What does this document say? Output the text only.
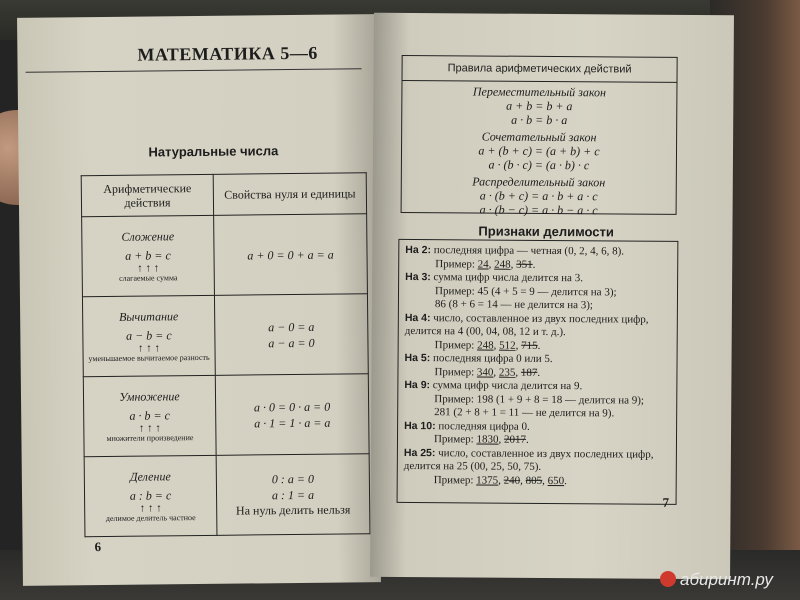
МАТЕМАТИКА 5—6
Натуральные числа
Арифметические действия	Свойства нуля и единицы

Сложение
a + b = c
↑ ↑ ↑
слагаемые сумма	a + 0 = 0 + a = a

Вычитание
a − b = c
↑ ↑ ↑
уменьшаемое вычитаемое разность	a − 0 = a
a − a = 0

Умножение
a · b = c
↑ ↑ ↑
множители произведение	a · 0 = 0 · a = 0
a · 1 = 1 · a = a

Деление
a : b = c
↑ ↑ ↑
делимое делитель частное	0 : a = 0
a : 1 = a
На нуль делить нельзя
6
Правила арифметических действий
Переместительный закон
a + b = b + a
a · b = b · a
Сочетательный закон
a + (b + c) = (a + b) + c
a · (b · c) = (a · b) · c
Распределительный закон
a · (b + c) = a · b + a · c
a · (b − c) = a · b − a · c
Признаки делимости
На 2: последняя цифра — четная (0, 2, 4, 6, 8).
Пример: 24, 248, 351.
На 3: сумма цифр числа делится на 3.
Пример: 45 (4 + 5 = 9 — делится на 3);
86 (8 + 6 = 14 — не делится на 3);
На 4: число, составленное из двух последних цифр, делится на 4 (00, 04, 08, 12 и т. д.).
Пример: 248, 512, 715.
На 5: последняя цифра 0 или 5.
Пример: 340, 235, 187.
На 9: сумма цифр числа делится на 9.
Пример: 198 (1 + 9 + 8 = 18 — делится на 9);
281 (2 + 8 + 1 = 11 — не делится на 9).
На 10: последняя цифра 0.
Пример: 1830, 2017.
На 25: число, составленное из двух последних цифр, делится на 25 (00, 25, 50, 75).
Пример: 1375, 240, 805, 650.
7
абиринт.ру
